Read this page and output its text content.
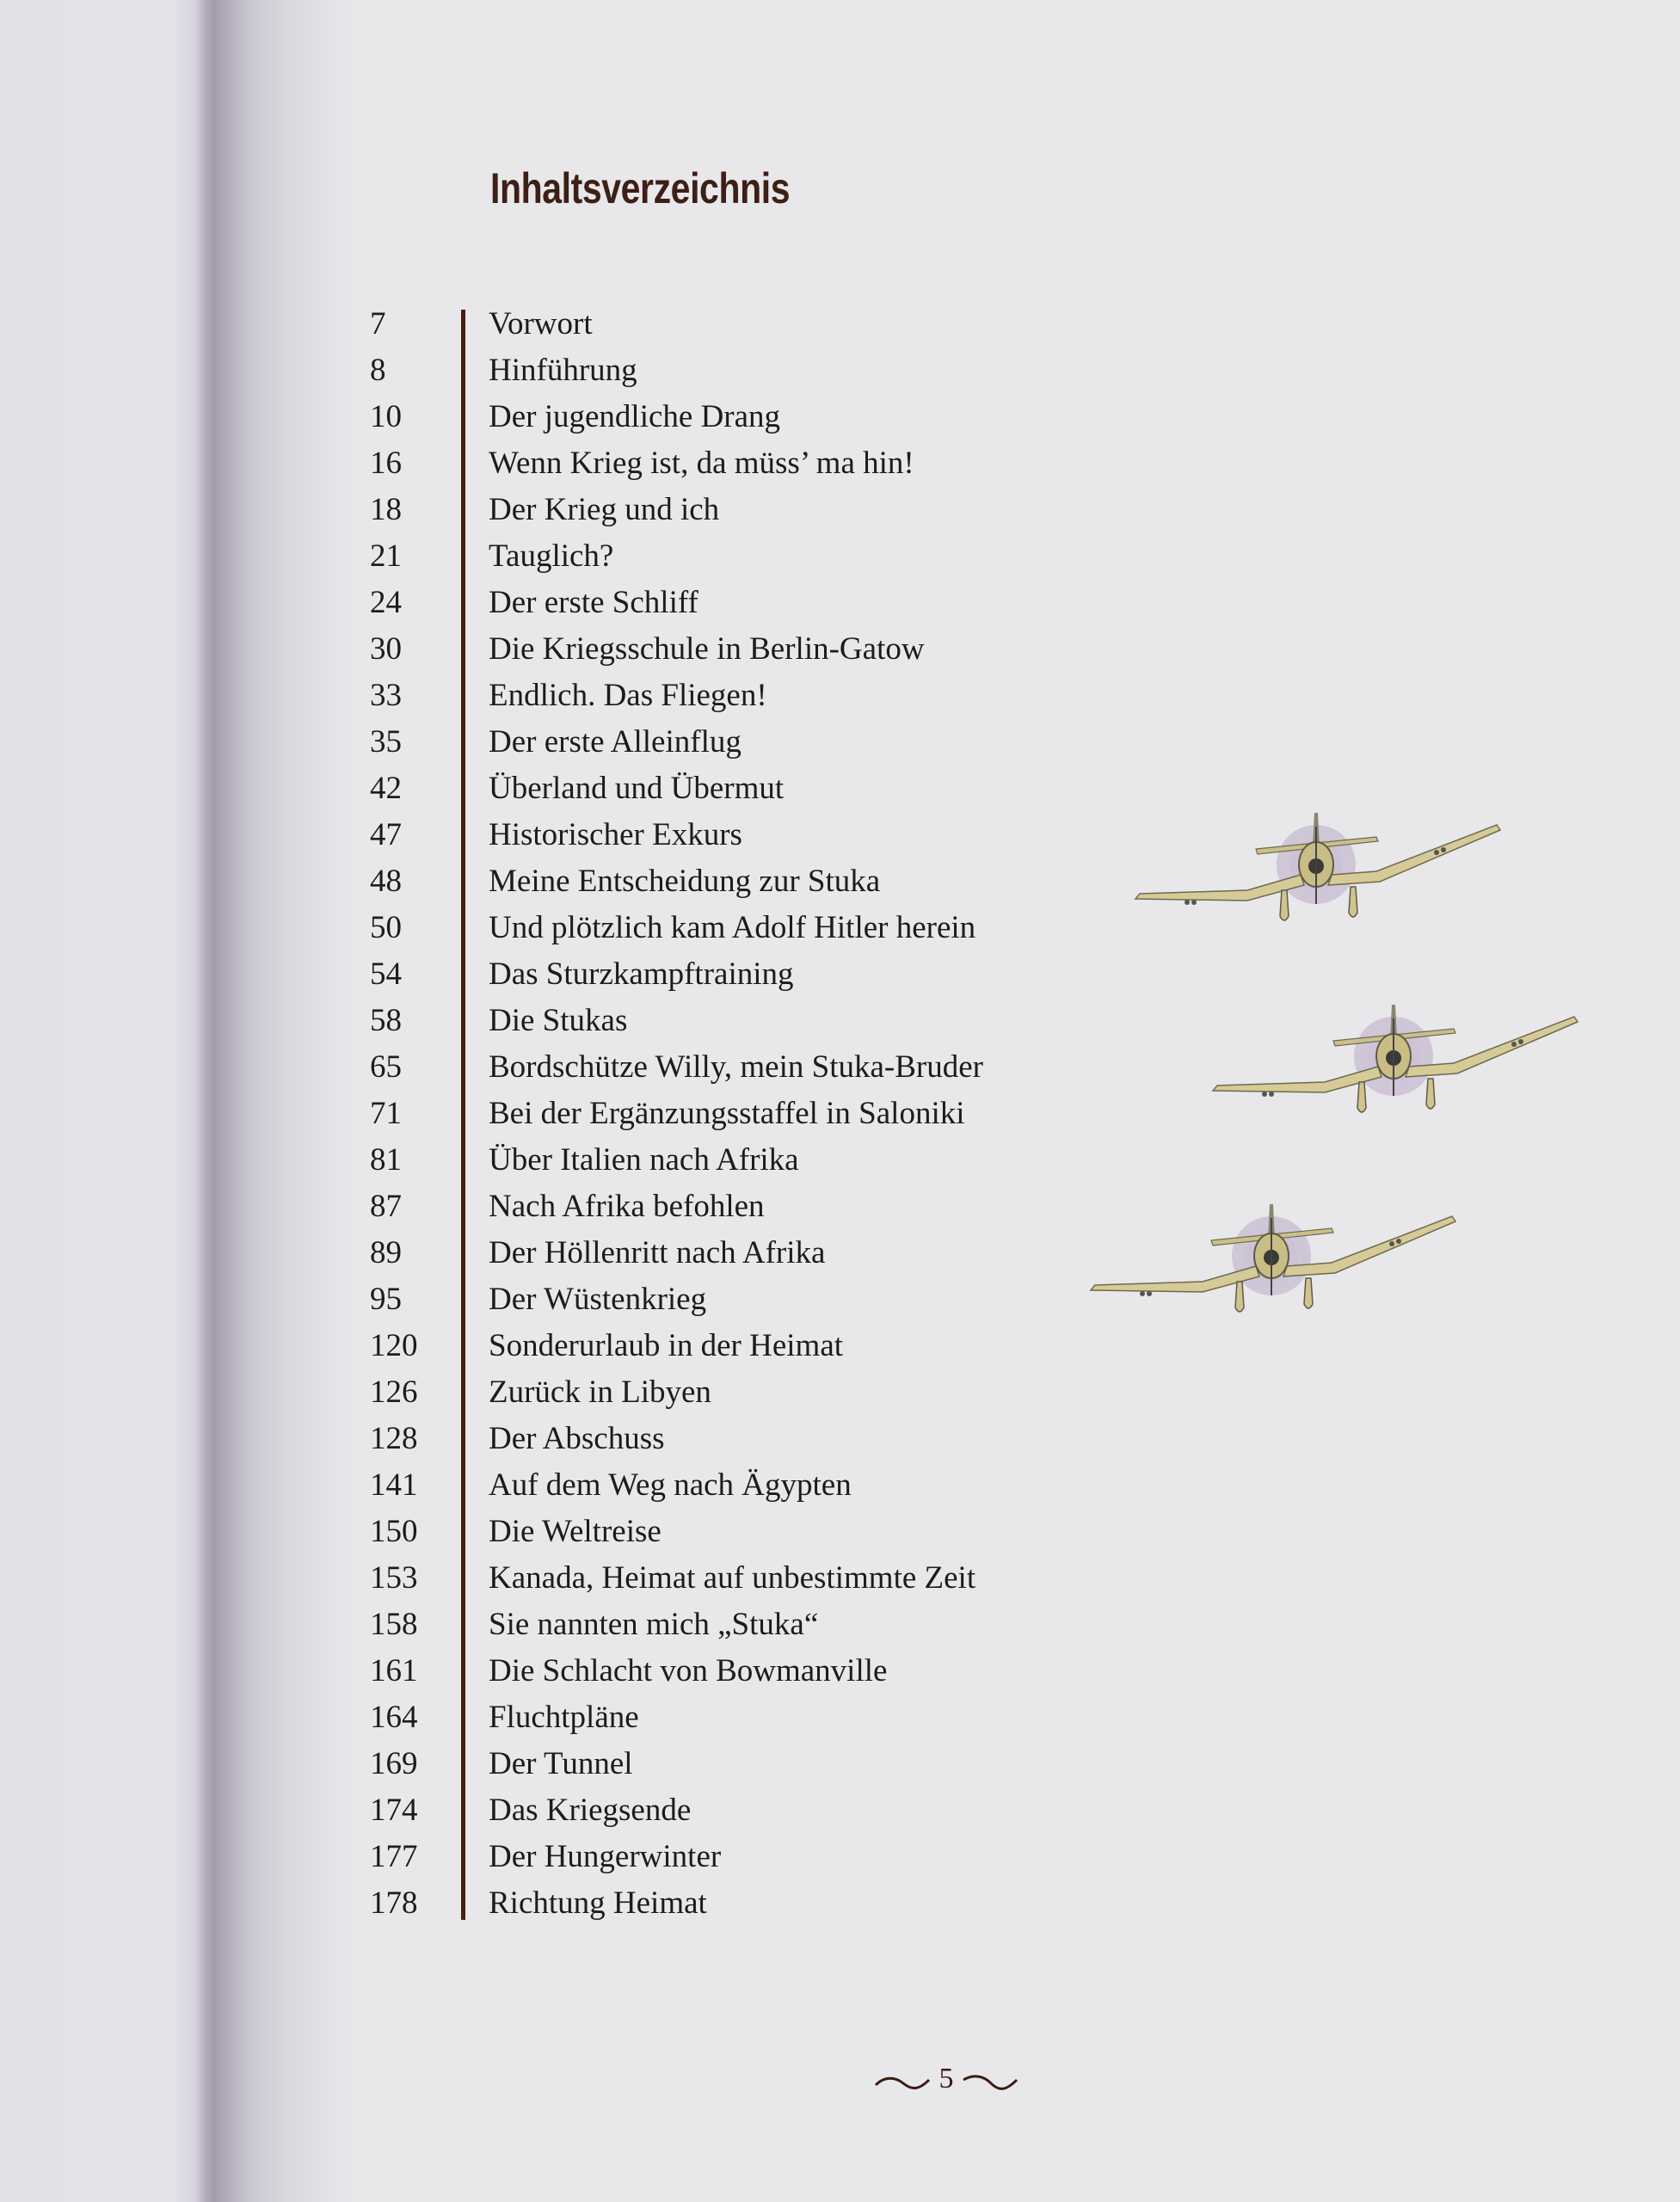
Inhaltsverzeichnis
7	Vorwort
8	Hinführung
10	Der jugendliche Drang
16	Wenn Krieg ist, da müss’ ma hin!
18	Der Krieg und ich
21	Tauglich?
24	Der erste Schliff
30	Die Kriegsschule in Berlin-Gatow
33	Endlich. Das Fliegen!
35	Der erste Alleinflug
42	Überland und Übermut
47	Historischer Exkurs
48	Meine Entscheidung zur Stuka
50	Und plötzlich kam Adolf Hitler herein
54	Das Sturzkampftraining
58	Die Stukas
65	Bordschütze Willy, mein Stuka-Bruder
71	Bei der Ergänzungsstaffel in Saloniki
81	Über Italien nach Afrika
87	Nach Afrika befohlen
89	Der Höllenritt nach Afrika
95	Der Wüstenkrieg
120	Sonderurlaub in der Heimat
126	Zurück in Libyen
128	Der Abschuss
141	Auf dem Weg nach Ägypten
150	Die Weltreise
153	Kanada, Heimat auf unbestimmte Zeit
158	Sie nannten mich „Stuka“
161	Die Schlacht von Bowmanville
164	Fluchtpläne
169	Der Tunnel
174	Das Kriegsende
177	Der Hungerwinter
178	Richtung Heimat
5
